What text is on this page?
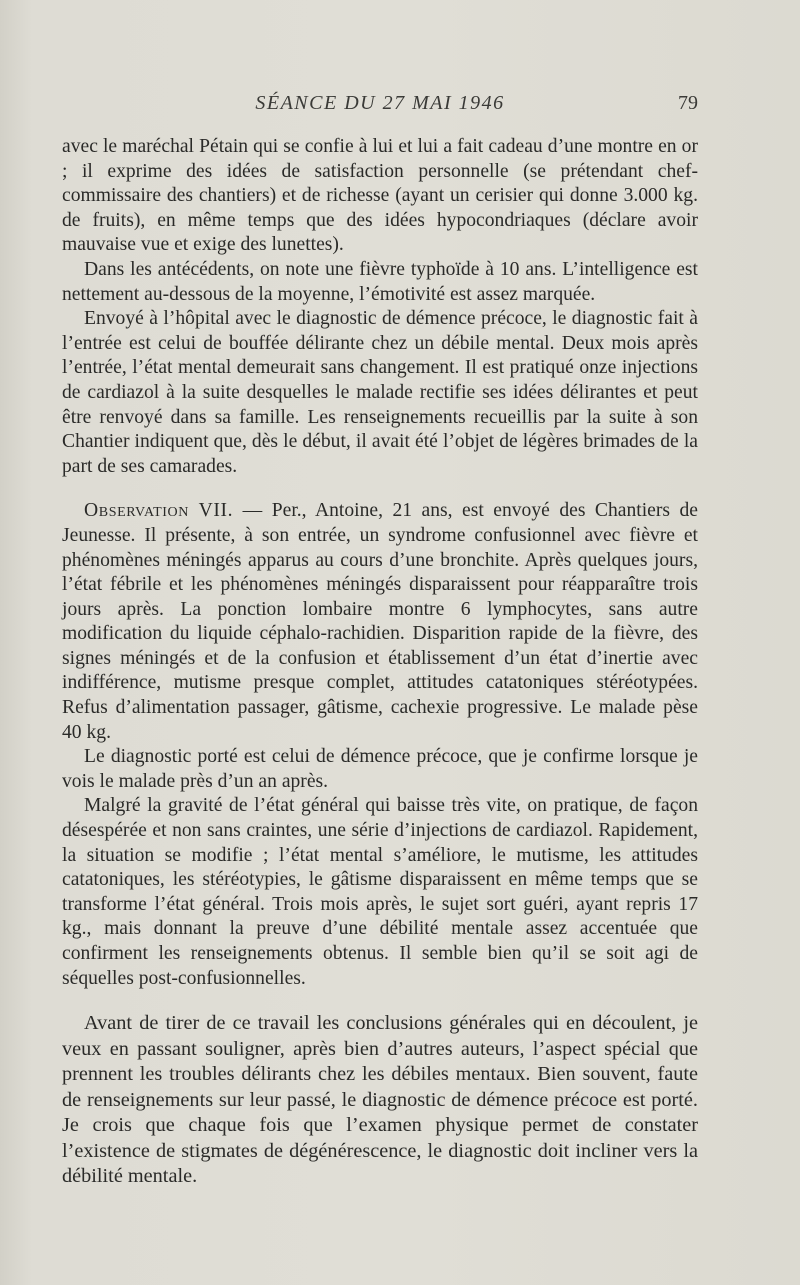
SÉANCE DU 27 MAI 1946	79

avec le maréchal Pétain qui se confie à lui et lui a fait cadeau d’une montre en or ; il exprime des idées de satisfaction personnelle (se prétendant chef-commissaire des chantiers) et de richesse (ayant un cerisier qui donne 3.000 kg. de fruits), en même temps que des idées hypocondriaques (déclare avoir mauvaise vue et exige des lunettes).

Dans les antécédents, on note une fièvre typhoïde à 10 ans. L’intelligence est nettement au-dessous de la moyenne, l’émotivité est assez marquée.

Envoyé à l’hôpital avec le diagnostic de démence précoce, le diagnostic fait à l’entrée est celui de bouffée délirante chez un débile mental. Deux mois après l’entrée, l’état mental demeurait sans changement. Il est pratiqué onze injections de cardiazol à la suite desquelles le malade rectifie ses idées délirantes et peut être renvoyé dans sa famille. Les renseignements recueillis par la suite à son Chantier indiquent que, dès le début, il avait été l’objet de légères brimades de la part de ses camarades.

Observation VII. — Per., Antoine, 21 ans, est envoyé des Chantiers de Jeunesse. Il présente, à son entrée, un syndrome confusionnel avec fièvre et phénomènes méningés apparus au cours d’une bronchite. Après quelques jours, l’état fébrile et les phénomènes méningés disparaissent pour réapparaître trois jours après. La ponction lombaire montre 6 lymphocytes, sans autre modification du liquide céphalo-rachidien. Disparition rapide de la fièvre, des signes méningés et de la confusion et établissement d’un état d’inertie avec indifférence, mutisme presque complet, attitudes catatoniques stéréotypées. Refus d’alimentation passager, gâtisme, cachexie progressive. Le malade pèse 40 kg.

Le diagnostic porté est celui de démence précoce, que je confirme lorsque je vois le malade près d’un an après.

Malgré la gravité de l’état général qui baisse très vite, on pratique, de façon désespérée et non sans craintes, une série d’injections de cardiazol. Rapidement, la situation se modifie ; l’état mental s’améliore, le mutisme, les attitudes catatoniques, les stéréotypies, le gâtisme disparaissent en même temps que se transforme l’état général. Trois mois après, le sujet sort guéri, ayant repris 17 kg., mais donnant la preuve d’une débilité mentale assez accentuée que confirment les renseignements obtenus. Il semble bien qu’il se soit agi de séquelles post-confusionnelles.

Avant de tirer de ce travail les conclusions générales qui en découlent, je veux en passant souligner, après bien d’autres auteurs, l’aspect spécial que prennent les troubles délirants chez les débiles mentaux. Bien souvent, faute de renseignements sur leur passé, le diagnostic de démence précoce est porté. Je crois que chaque fois que l’examen physique permet de constater l’existence de stigmates de dégénérescence, le diagnostic doit incliner vers la débilité mentale.
